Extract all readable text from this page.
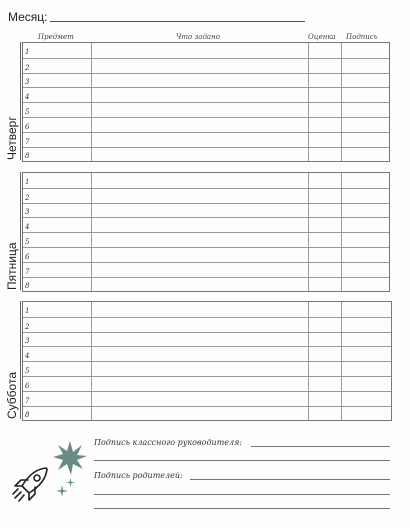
Месяц:
Предмет	Что задано	Оценка Подпись
1
2
3
4
5
6
7
8
Четверг
1
2
3
4
5
6
7
8
Пятница
1
2
3
4
5
6
7
8
Суббота
Подпись классного руководителя:
Подпись родителей:
